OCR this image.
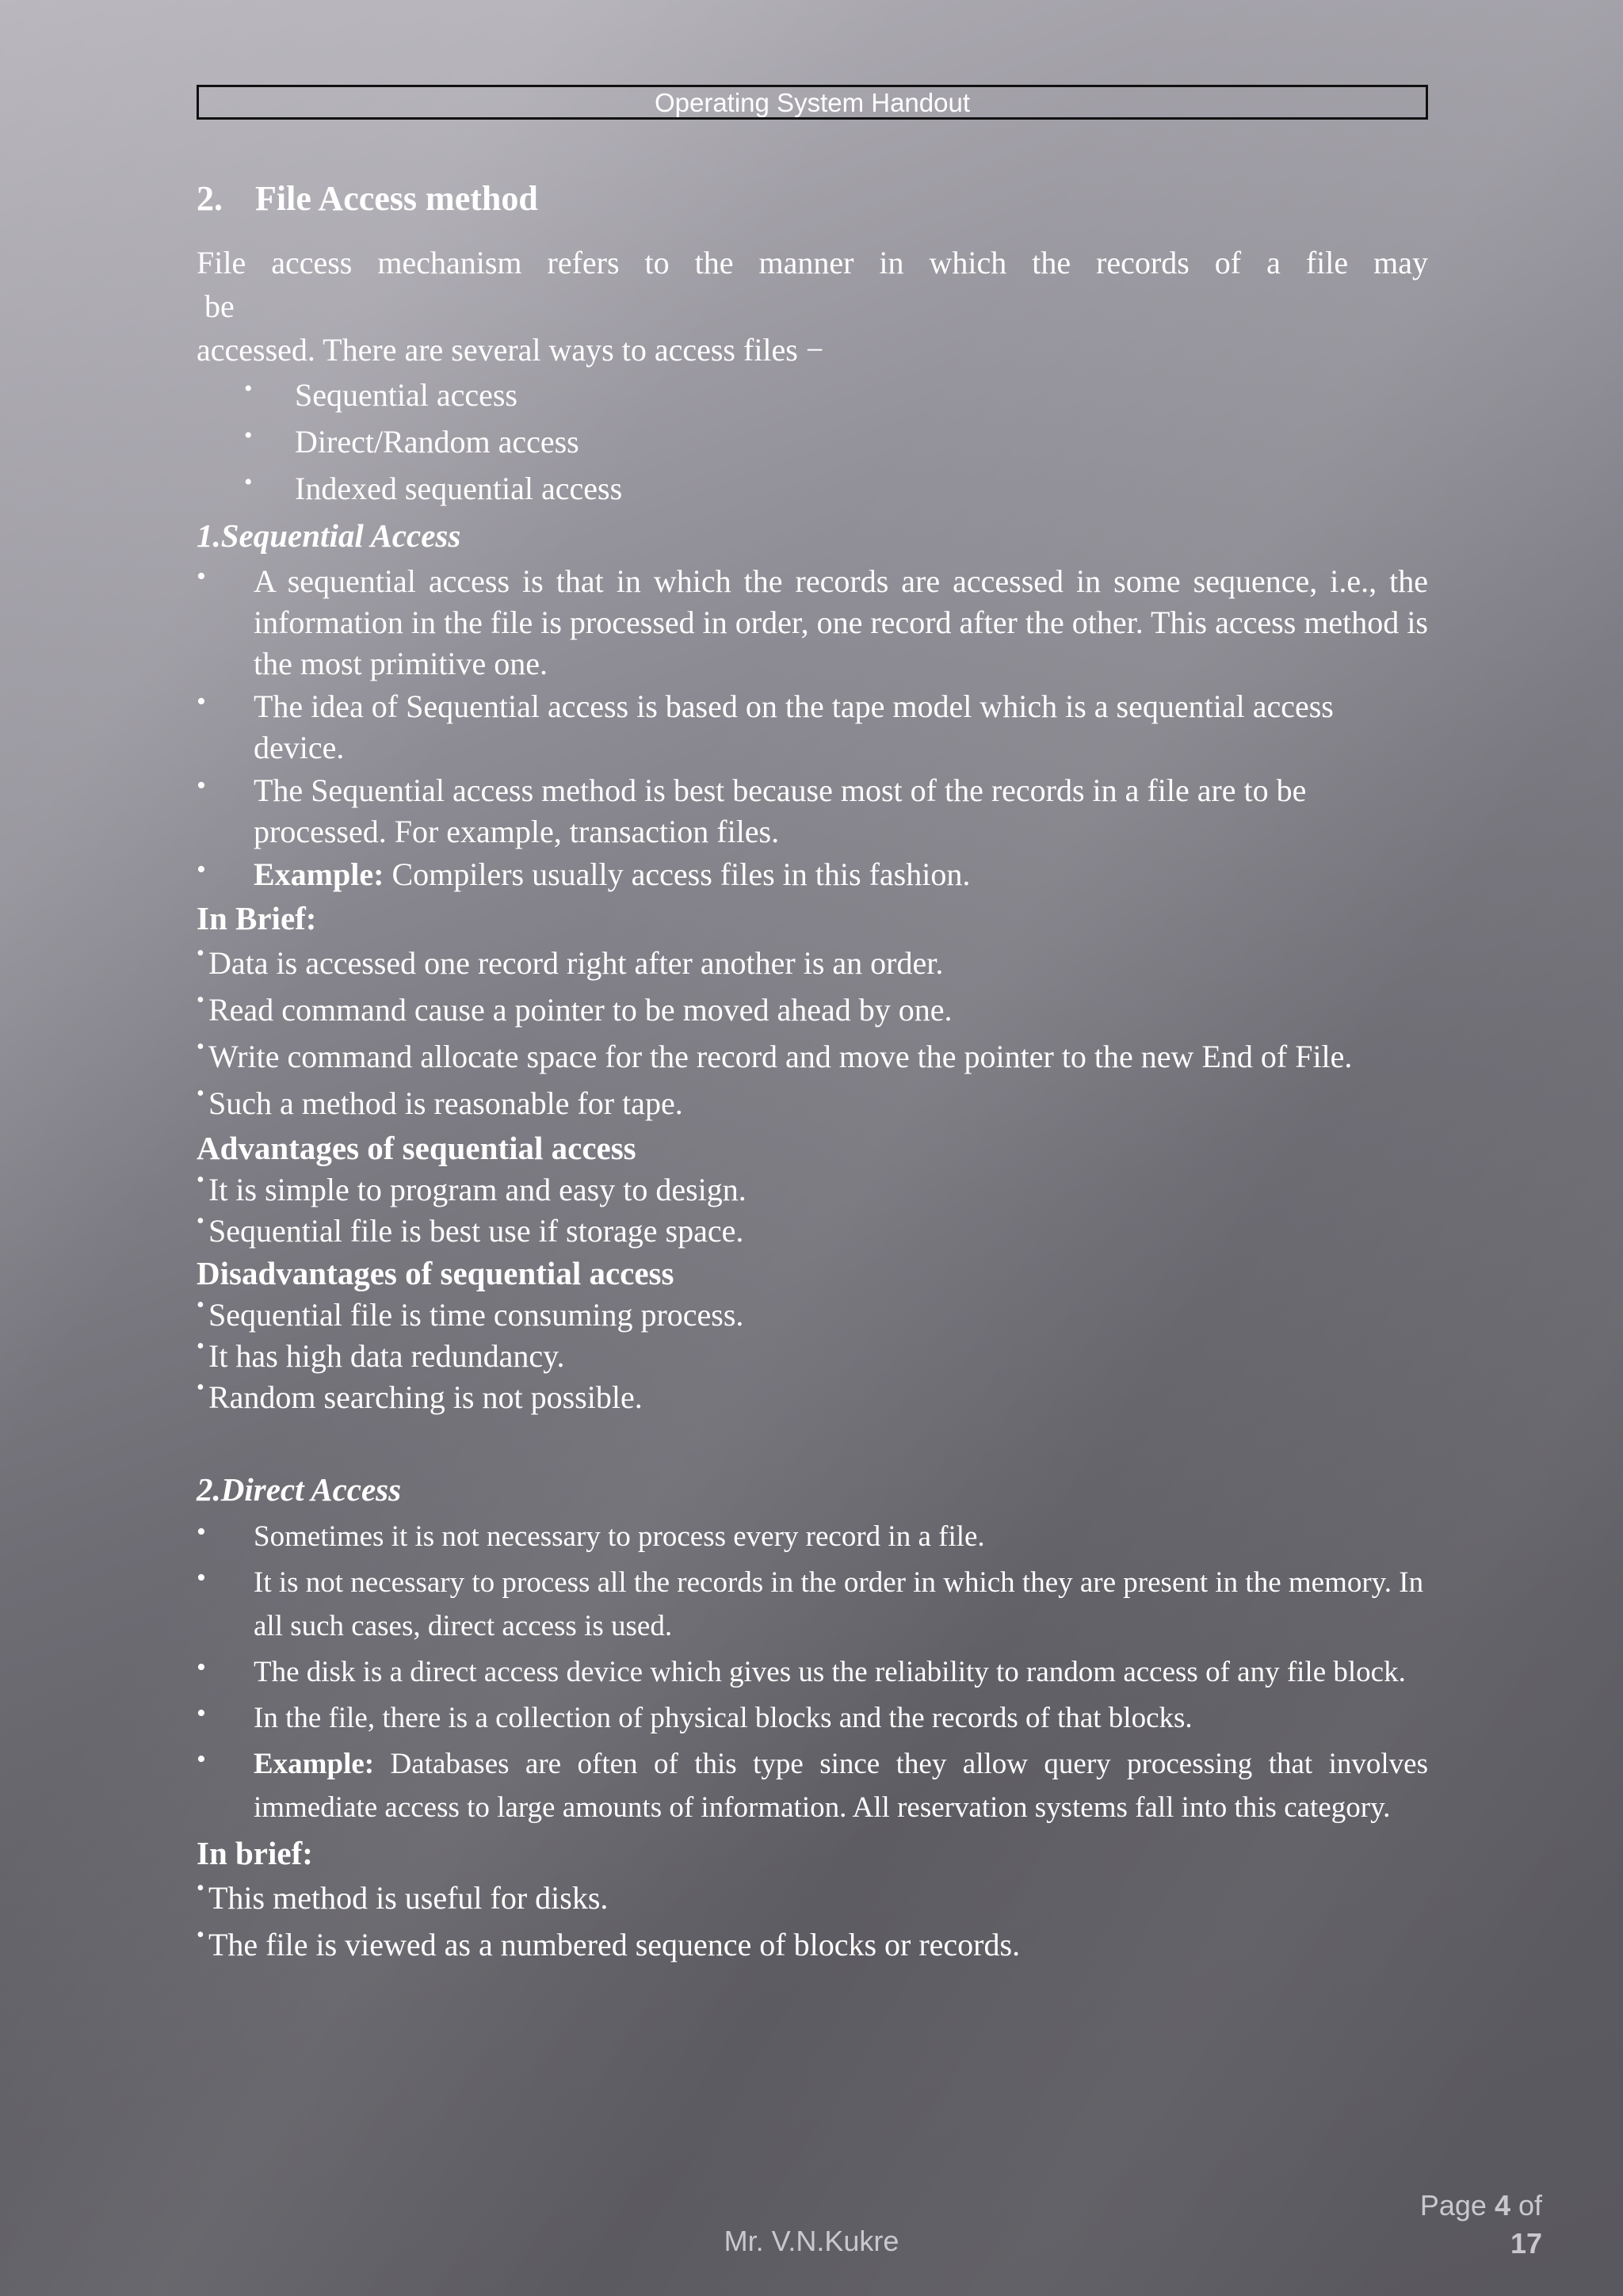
Operating System Handout
2. File Access method

File access mechanism refers to the manner in which the records of a file may

be

accessed. There are several ways to access files −

• Sequential access
• Direct/Random access
• Indexed sequential access
1.Sequential Access
• A sequential access is that in which the records are accessed in some sequence, i.e., the information in the file is processed in order, one record after the other. This access method is the most primitive one.
• The idea of Sequential access is based on the tape model which is a sequential access device.
• The Sequential access method is best because most of the records in a file are to be processed. For example, transaction files.
• Example: Compilers usually access files in this fashion.
In Brief:
• Data is accessed one record right after another is an order.
• Read command cause a pointer to be moved ahead by one.
• Write command allocate space for the record and move the pointer to the new End of File.
• Such a method is reasonable for tape.
Advantages of sequential access
• It is simple to program and easy to design.
• Sequential file is best use if storage space.
Disadvantages of sequential access
• Sequential file is time consuming process.
• It has high data redundancy.
• Random searching is not possible.
2.Direct Access
• Sometimes it is not necessary to process every record in a file.
• It is not necessary to process all the records in the order in which they are present in the memory. In all such cases, direct access is used.
• The disk is a direct access device which gives us the reliability to random access of any file block.
• In the file, there is a collection of physical blocks and the records of that blocks.
• Example: Databases are often of this type since they allow query processing that involves immediate access to large amounts of information. All reservation systems fall into this category.
In brief:
• This method is useful for disks.
• The file is viewed as a numbered sequence of blocks or records.
Mr. V.N.Kukre
Page 4 of
17
